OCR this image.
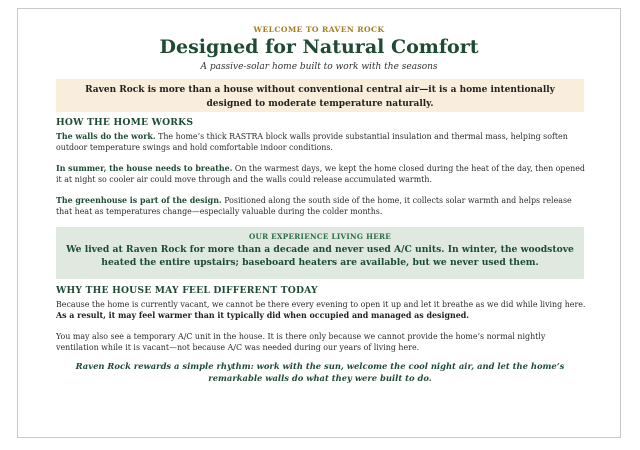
WELCOME TO RAVEN ROCK
Designed for Natural Comfort
A passive-solar home built to work with the seasons
Raven Rock is more than a house without conventional central air—it is a home intentionally designed to moderate temperature naturally.
HOW THE HOME WORKS
The walls do the work. The home’s thick RASTRA block walls provide substantial insulation and thermal mass, helping soften outdoor temperature swings and hold comfortable indoor conditions.
In summer, the house needs to breathe. On the warmest days, we kept the home closed during the heat of the day, then opened it at night so cooler air could move through and the walls could release accumulated warmth.
The greenhouse is part of the design. Positioned along the south side of the home, it collects solar warmth and helps release that heat as temperatures change—especially valuable during the colder months.
OUR EXPERIENCE LIVING HERE
We lived at Raven Rock for more than a decade and never used A/C units. In winter, the woodstove heated the entire upstairs; baseboard heaters are available, but we never used them.
WHY THE HOUSE MAY FEEL DIFFERENT TODAY
Because the home is currently vacant, we cannot be there every evening to open it up and let it breathe as we did while living here. As a result, it may feel warmer than it typically did when occupied and managed as designed.
You may also see a temporary A/C unit in the house. It is there only because we cannot provide the home’s normal nightly ventilation while it is vacant—not because A/C was needed during our years of living here.
Raven Rock rewards a simple rhythm: work with the sun, welcome the cool night air, and let the home’s remarkable walls do what they were built to do.
